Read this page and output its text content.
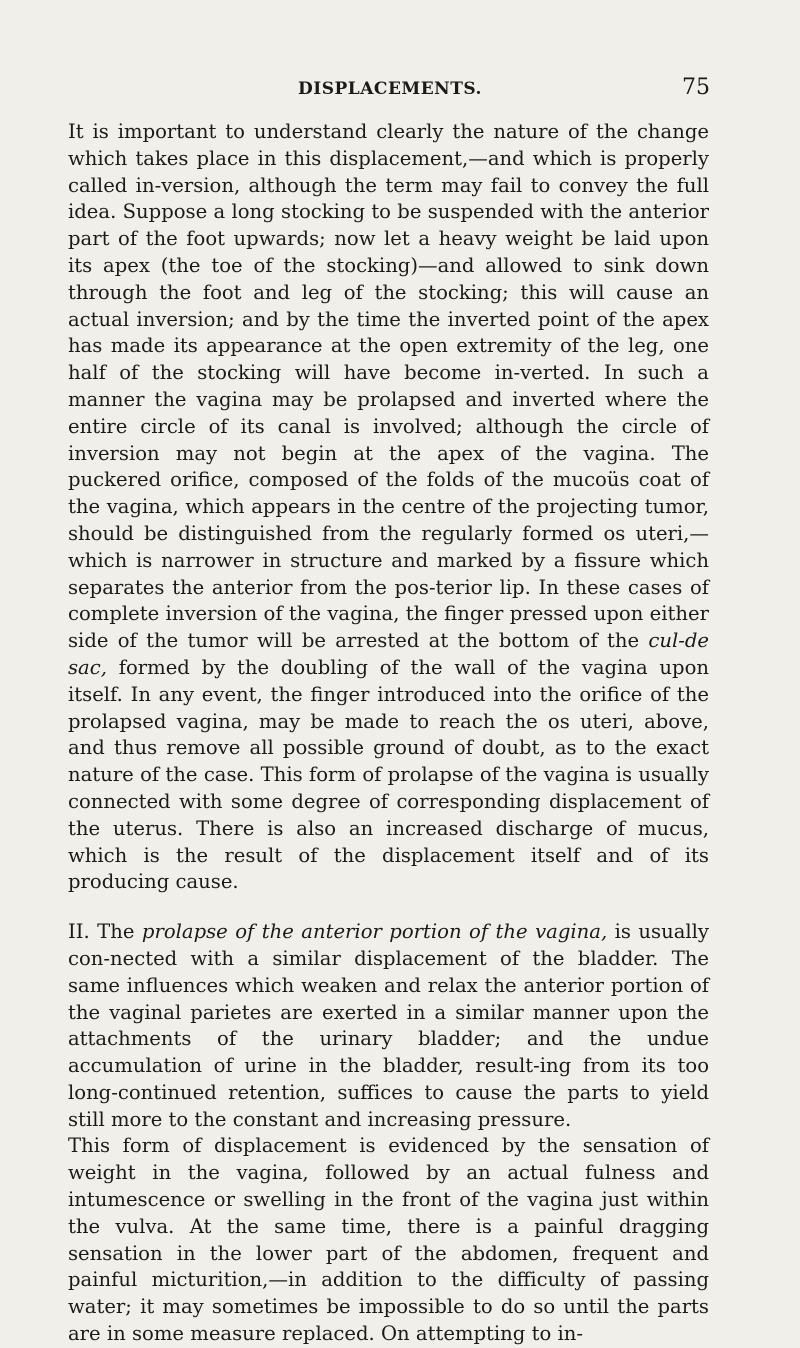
DISPLACEMENTS.	75

It is important to understand clearly the nature of the change which takes place in this displacement,—and which is properly called in-version, although the term may fail to convey the full idea. Suppose a long stocking to be suspended with the anterior part of the foot upwards; now let a heavy weight be laid upon its apex (the toe of the stocking)—and allowed to sink down through the foot and leg of the stocking; this will cause an actual inversion; and by the time the inverted point of the apex has made its appearance at the open extremity of the leg, one half of the stocking will have become in-verted. In such a manner the vagina may be prolapsed and inverted where the entire circle of its canal is involved; although the circle of inversion may not begin at the apex of the vagina. The puckered orifice, composed of the folds of the mucoüs coat of the vagina, which appears in the centre of the projecting tumor, should be distinguished from the regularly formed os uteri,—which is narrower in structure and marked by a fissure which separates the anterior from the pos-terior lip. In these cases of complete inversion of the vagina, the finger pressed upon either side of the tumor will be arrested at the bottom of the cul-de sac, formed by the doubling of the wall of the vagina upon itself. In any event, the finger introduced into the orifice of the prolapsed vagina, may be made to reach the os uteri, above, and thus remove all possible ground of doubt, as to the exact nature of the case. This form of prolapse of the vagina is usually connected with some degree of corresponding displacement of the uterus. There is also an increased discharge of mucus, which is the result of the displacement itself and of its producing cause.

II. The prolapse of the anterior portion of the vagina, is usually con-nected with a similar displacement of the bladder. The same influences which weaken and relax the anterior portion of the vaginal parietes are exerted in a similar manner upon the attachments of the urinary bladder; and the undue accumulation of urine in the bladder, result-ing from its too long-continued retention, suffices to cause the parts to yield still more to the constant and increasing pressure.

This form of displacement is evidenced by the sensation of weight in the vagina, followed by an actual fulness and intumescence or swelling in the front of the vagina just within the vulva. At the same time, there is a painful dragging sensation in the lower part of the abdomen, frequent and painful micturition,—in addition to the difficulty of passing water; it may sometimes be impossible to do so until the parts are in some measure replaced. On attempting to in-
